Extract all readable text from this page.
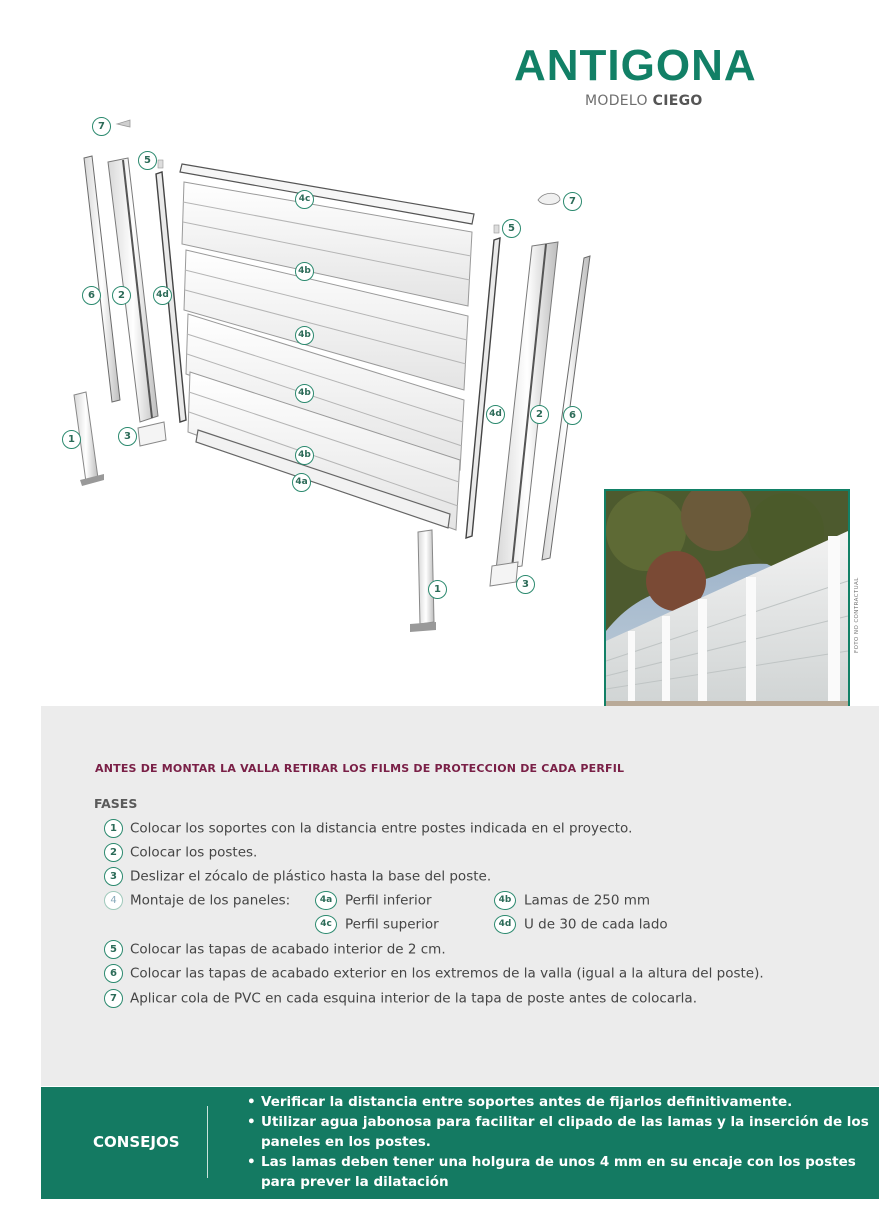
ANTIGONA
MODELO CIEGO
7
5
4c
4b
4b
4b
4b
4a
6	2	4d
1	3
7
5
4d	2	6
1	3	FOTO NO CONTRACTUAL
ANTES DE MONTAR LA VALLA RETIRAR LOS FILMS DE PROTECCION DE CADA PERFIL
FASES
1 Colocar los soportes con la distancia entre postes indicada en el proyecto.
2 Colocar los postes.
3 Deslizar el zócalo de plástico hasta la base del poste.
4 Montaje de los paneles:	4a Perfil inferior	4b Lamas de 250 mm
4c Perfil superior	4d U de 30 de cada lado
5 Colocar las tapas de acabado interior de 2 cm.
6 Colocar las tapas de acabado exterior en los extremos de la valla (igual a la altura del poste).
7 Aplicar cola de PVC en cada esquina interior de la tapa de poste antes de colocarla.
CONSEJOS
• Verificar la distancia entre soportes antes de fijarlos definitivamente.
• Utilizar agua jabonosa para facilitar el clipado de las lamas y la inserción de los
paneles en los postes.
• Las lamas deben tener una holgura de unos 4 mm en su encaje con los postes
para prever la dilatación
